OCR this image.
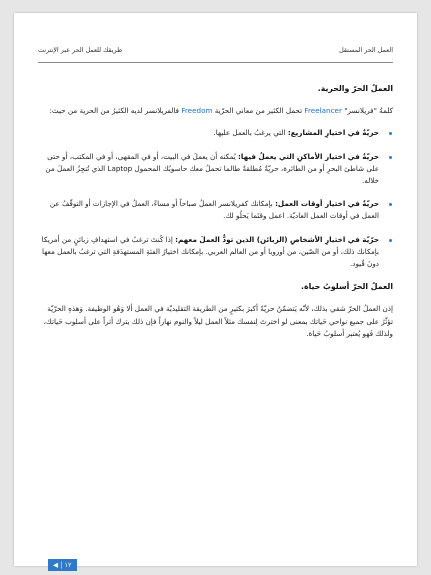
العمل الحر المستقل
طريقك للعمل الحر عبر الإنترنت

العملُ الحرّ والحرية.

كلمةُ "فريلانسر" Freelancer تحمل الكثير من معاني الحرّية Freedom فالفريلانسر لديه الكثيرُ من الحرية من حيث:

حريّةٌ في اختيارِ المشاريع: التي يرغبُ بالعمل عليها.
حريّةٌ في اختيار الأماكنِ التي يعملُ فيها: يُمكنه أن يعملَ في البيت، أو في المقهى، أو في المكتب، أو حتى على شاطئ البحرِ أو من الطائرة، حريّةٌ مُطلقةٌ طالما تحملُ معك حاسوبُك المحمول Laptop الذي تُنجِزُ العملَ من خلاله.
حريّةٌ في اختيار أوقات العمل: بإمكانك كفريلانسر العملُ صباحاً أو مساءً، العملُ في الإجازات أو التوقّفُ عن العمل في أوقات العمل العاديّة. اعمل وقتَما يَحلُو لك.
حرّيّة في اختيارِ الأشخاصِ (الزبائن) الذين تودُّ العملَ معهم: إذا كُنتَ ترغبُ في استهدافِ زبائنٍ من أمريكا بإمكانك ذلك، أو من الصّين، من أوروبا أو من العالم العربي. بإمكانك اختيارُ الفئةِ المستهدَفةِ التي ترغبُ بالعمل معها دونَ قُيود.

العملُ الحرّ أسلوبُ حياة.

إذن العملُ الحرّ شقي بذلك، لأنّه يَتضمّنُ حريّةً أكبرَ بكثيرٍ من الطريقة التقليديّة في العمل ألا وَهُو الوظيفة. وَهذهِ الحرّيّة تؤثّرُ على جميع نواحي حَياتك بمعنى لو اخترتَ لِنفسك مثلاً العمل ليلاً والنوم نهاراً فإن ذلك يترك أثراً على أسلوب حَياتك، ولذلك فَهو يُعتبر أسلوبُ حَياة.

١٢ | ◀
